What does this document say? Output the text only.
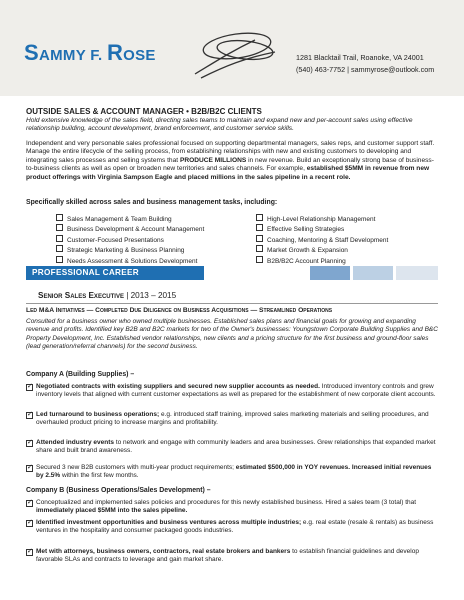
SAMMY F. ROSE	1281 Blacktail Trail, Roanoke, VA 24001
(540) 463-7752 | sammyrose@outlook.com
OUTSIDE SALES & ACCOUNT MANAGER • B2B/B2C CLIENTS
Hold extensive knowledge of the sales field, directing sales teams to maintain and expand new and per-account sales using effective relationship building, account development, brand enforcement, and customer service skills.
Independent and very personable sales professional focused on supporting departmental managers, sales reps, and customer support staff. Manage the entire lifecycle of the selling process, from establishing relationships with new and existing customers to developing and integrating sales processes and selling systems that PRODUCE MILLIONS in new revenue. Build an exceptionally strong base of business-to-business clients as well as open or broaden new territories and sales channels. For example, established $5MM in revenue from new product offerings with Virginia Sampson Eagle and placed millions in the sales pipeline in a recent role.
Specifically skilled across sales and business management tasks, including:
Sales Management & Team Building
Business Development & Account Management
Customer-Focused Presentations
Strategic Marketing & Business Planning
Needs Assessment & Solutions Development
High-Level Relationship Management
Effective Selling Strategies
Coaching, Mentoring & Staff Development
Market Growth & Expansion
B2B/B2C Account Planning
PROFESSIONAL CAREER
Senior Sales Executive | 2013 – 2015
Led M&A Initiatives — Completed Due Diligence on Business Acquisitions — Streamlined Operations
Consulted for a business owner who owned multiple businesses. Established sales plans and financial goals for growing and expanding revenue and profits. Identified key B2B and B2C markets for two of the Owner's businesses: Youngstown Corporate Building Supplies and B&C Property Development, Inc. Established vendor relationships, new clients and a pricing structure for the first business and ground-floor sales (lead generation/referral channels) for the second business.
Company A (Building Supplies) –
✓
Negotiated contracts with existing suppliers and secured new supplier accounts as needed. Introduced inventory controls and grew inventory levels that aligned with current customer expectations as well as prepared for the establishment of new corporate client accounts.
✓
Led turnaround to business operations; e.g. introduced staff training, improved sales marketing materials and selling procedures, and overhauled product pricing to increase margins and profitability.
✓
Attended industry events to network and engage with community leaders and area businesses. Grew relationships that expanded market share and built brand awareness.
✓
Secured 3 new B2B customers with multi-year product requirements; estimated $500,000 in YOY revenues. Increased initial revenues by 2.5% within the first few months.
Company B (Business Operations/Sales Development) –
✓
Conceptualized and implemented sales policies and procedures for this newly established business. Hired a sales team (3 total) that immediately placed $5MM into the sales pipeline.
✓
Identified investment opportunities and business ventures across multiple industries; e.g. real estate (resale & rentals) as business ventures in the hospitality and consumer packaged goods industries.
✓
Met with attorneys, business owners, contractors, real estate brokers and bankers to establish financial guidelines and develop favorable SLAs and contracts to leverage and gain market share.
